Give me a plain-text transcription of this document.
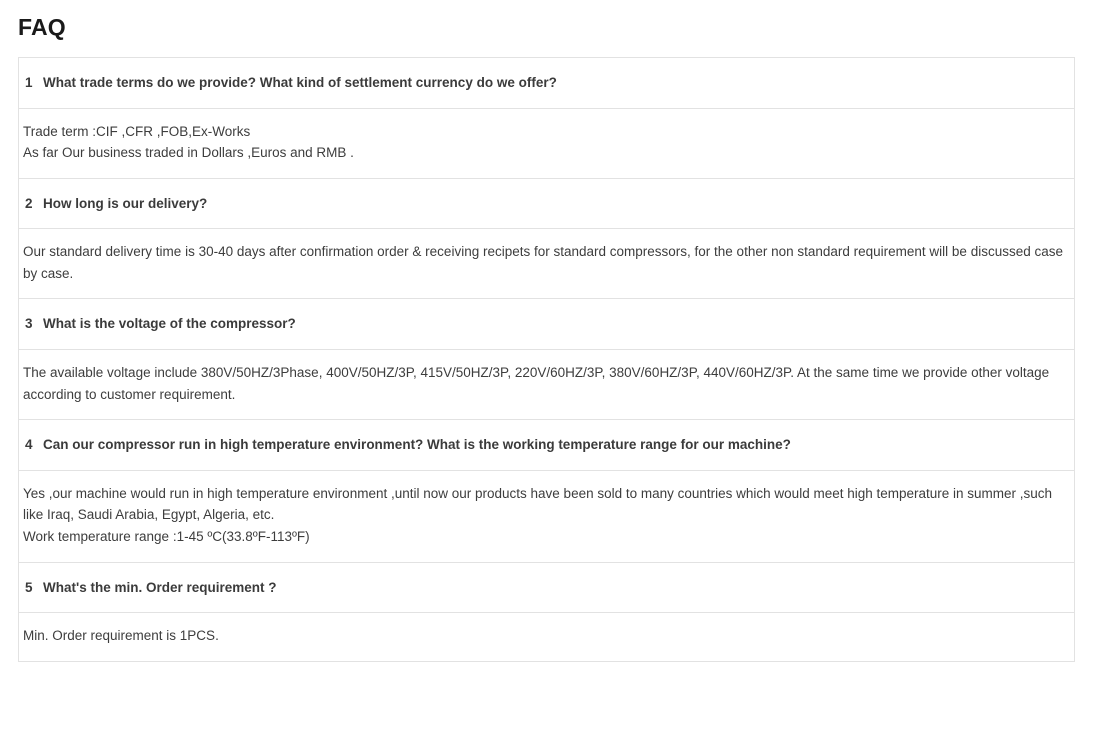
FAQ
1 What trade terms do we provide? What kind of settlement currency do we offer?
Trade term :CIF ,CFR ,FOB,Ex-Works
As far Our business traded in Dollars ,Euros and RMB .
2 How long is our delivery?
Our standard delivery time is 30-40 days after confirmation order & receiving recipets for standard compressors, for the other non standard requirement will be discussed case by case.
3 What is the voltage of the compressor?
The available voltage include 380V/50HZ/3Phase, 400V/50HZ/3P, 415V/50HZ/3P, 220V/60HZ/3P, 380V/60HZ/3P, 440V/60HZ/3P. At the same time we provide other voltage  according to customer requirement.
4 Can our compressor run in high temperature environment? What is the working temperature range for our machine?
Yes ,our machine would run in high temperature environment ,until now our products have been sold to many countries which would meet high temperature in summer ,such like Iraq, Saudi Arabia, Egypt, Algeria, etc.
Work temperature range :1-45 ºC(33.8ºF-113ºF)
5 What's the min. Order requirement ?
Min. Order requirement is 1PCS.
